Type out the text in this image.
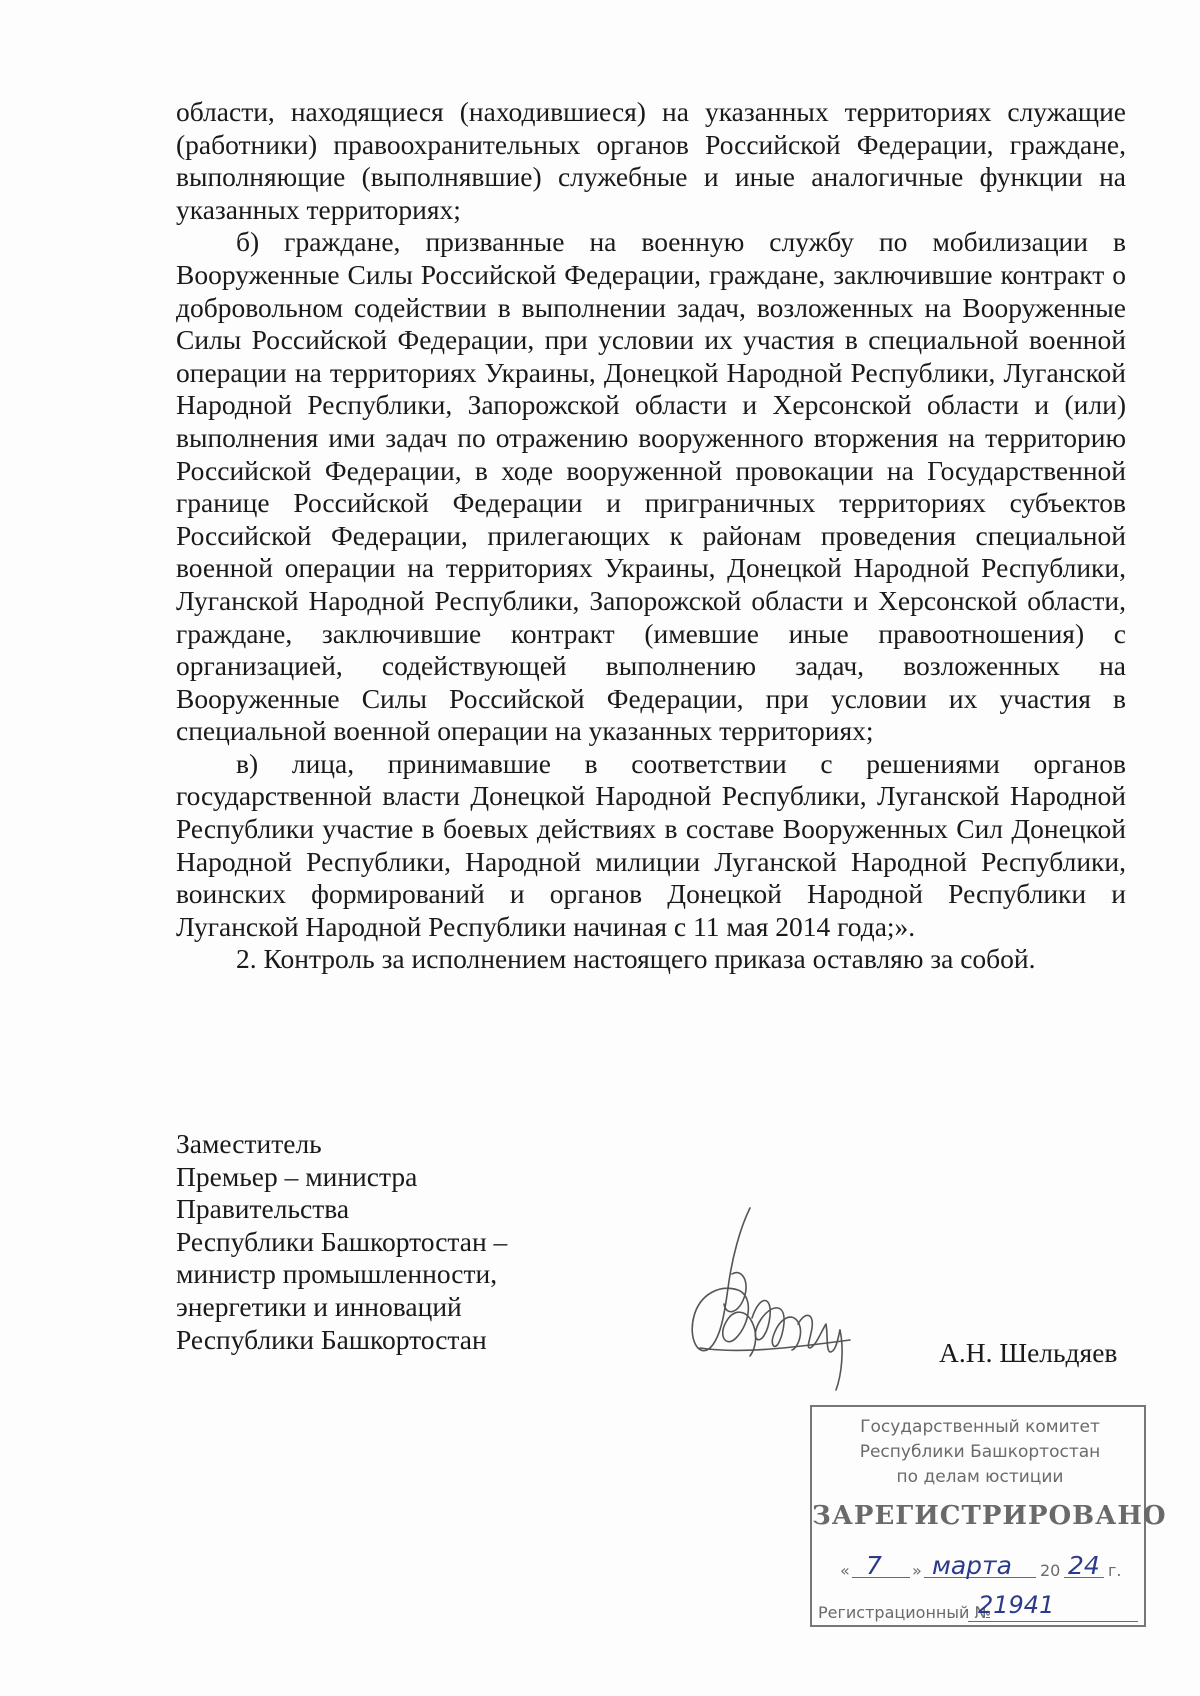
области, находящиеся (находившиеся) на указанных территориях служащие (работники) правоохранительных органов Российской Федерации, граждане, выполняющие (выполнявшие) служебные и иные аналогичные функции на указанных территориях;

б) граждане, призванные на военную службу по мобилизации в Вооруженные Силы Российской Федерации, граждане, заключившие контракт о добровольном содействии в выполнении задач, возложенных на Вооруженные Силы Российской Федерации, при условии их участия в специальной военной операции на территориях Украины, Донецкой Народной Республики, Луганской Народной Республики, Запорожской области и Херсонской области и (или) выполнения ими задач по отражению вооруженного вторжения на территорию Российской Федерации, в ходе вооруженной провокации на Государственной границе Российской Федерации и приграничных территориях субъектов Российской Федерации, прилегающих к районам проведения специальной военной операции на территориях Украины, Донецкой Народной Республики, Луганской Народной Республики, Запорожской области и Херсонской области, граждане, заключившие контракт (имевшие иные правоотношения) с организацией, содействующей выполнению задач, возложенных на Вооруженные Силы Российской Федерации, при условии их участия в специальной военной операции на указанных территориях;

в) лица, принимавшие в соответствии с решениями органов государственной власти Донецкой Народной Республики, Луганской Народной Республики участие в боевых действиях в составе Вооруженных Сил Донецкой Народной Республики, Народной милиции Луганской Народной Республики, воинских формирований и органов Донецкой Народной Республики и Луганской Народной Республики начиная с 11 мая 2014 года;».

2. Контроль за исполнением настоящего приказа оставляю за собой.

Заместитель
Премьер – министра
Правительства
Республики Башкортостан –
министр промышленности,
энергетики и инноваций
Республики Башкортостан	А.Н. Шельдяев
Государственный комитет
Республики Башкортостан
по делам юстиции
ЗАРЕГИСТРИРОВАНО
« 7 » марта 20 24 г.
Регистрационный №
21941
